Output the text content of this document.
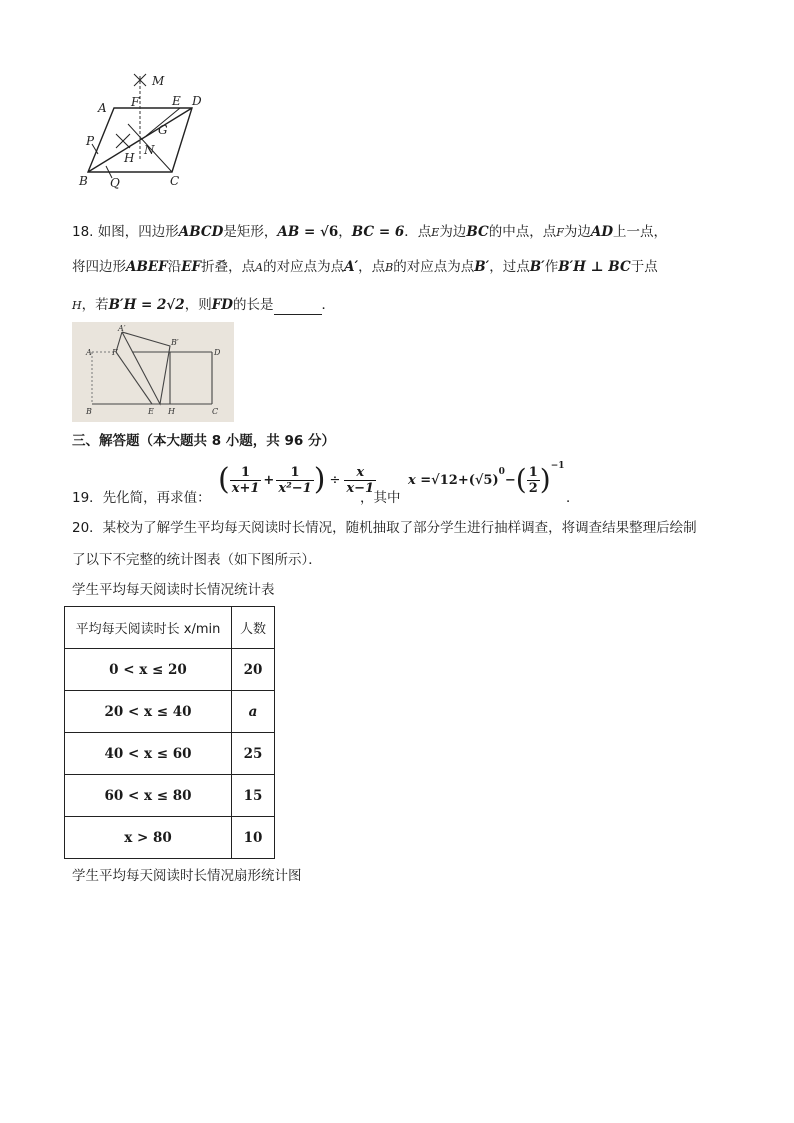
M
A F	E D
P
G
H
N
B Q	C
18. 如图，四边形ABCD是矩形，AB = √6，BC = 6．点E为边BC的中点，点F为边AD上一点，
将四边形ABEF沿EF折叠，点A的对应点为点A′，点B的对应点为点B′，过点B′作B′H ⊥ BC于点
H，若B′H = 2√2，则FD的长是	．
A′
B′
A	F	D
B	E H	C
三、解答题（本大题共 8 小题，共 96 分）
19．先化简，再求值：
( $\frac{1}{x+1} + \frac{1}{\text{x²−1}}$ ) ÷ $\frac{x}{x-1}$
，其中
x = √12 + (√5)
$^0$
− ( $\frac{1}{2} )^{-1}$
．
20．某校为了解学生平均每天阅读时长情况，随机抽取了部分学生进行抽样调查，将调查结果整理后绘制
了以下不完整的统计图表（如下图所示）．
学生平均每天阅读时长情况统计表
平均每天阅读时长 x/min	人数
0 < x ≤ 20	20
20 < x ≤ 40	a
40 < x ≤ 60	25
60 < x ≤ 80	15
x > 80	10
学生平均每天阅读时长情况扇形统计图
